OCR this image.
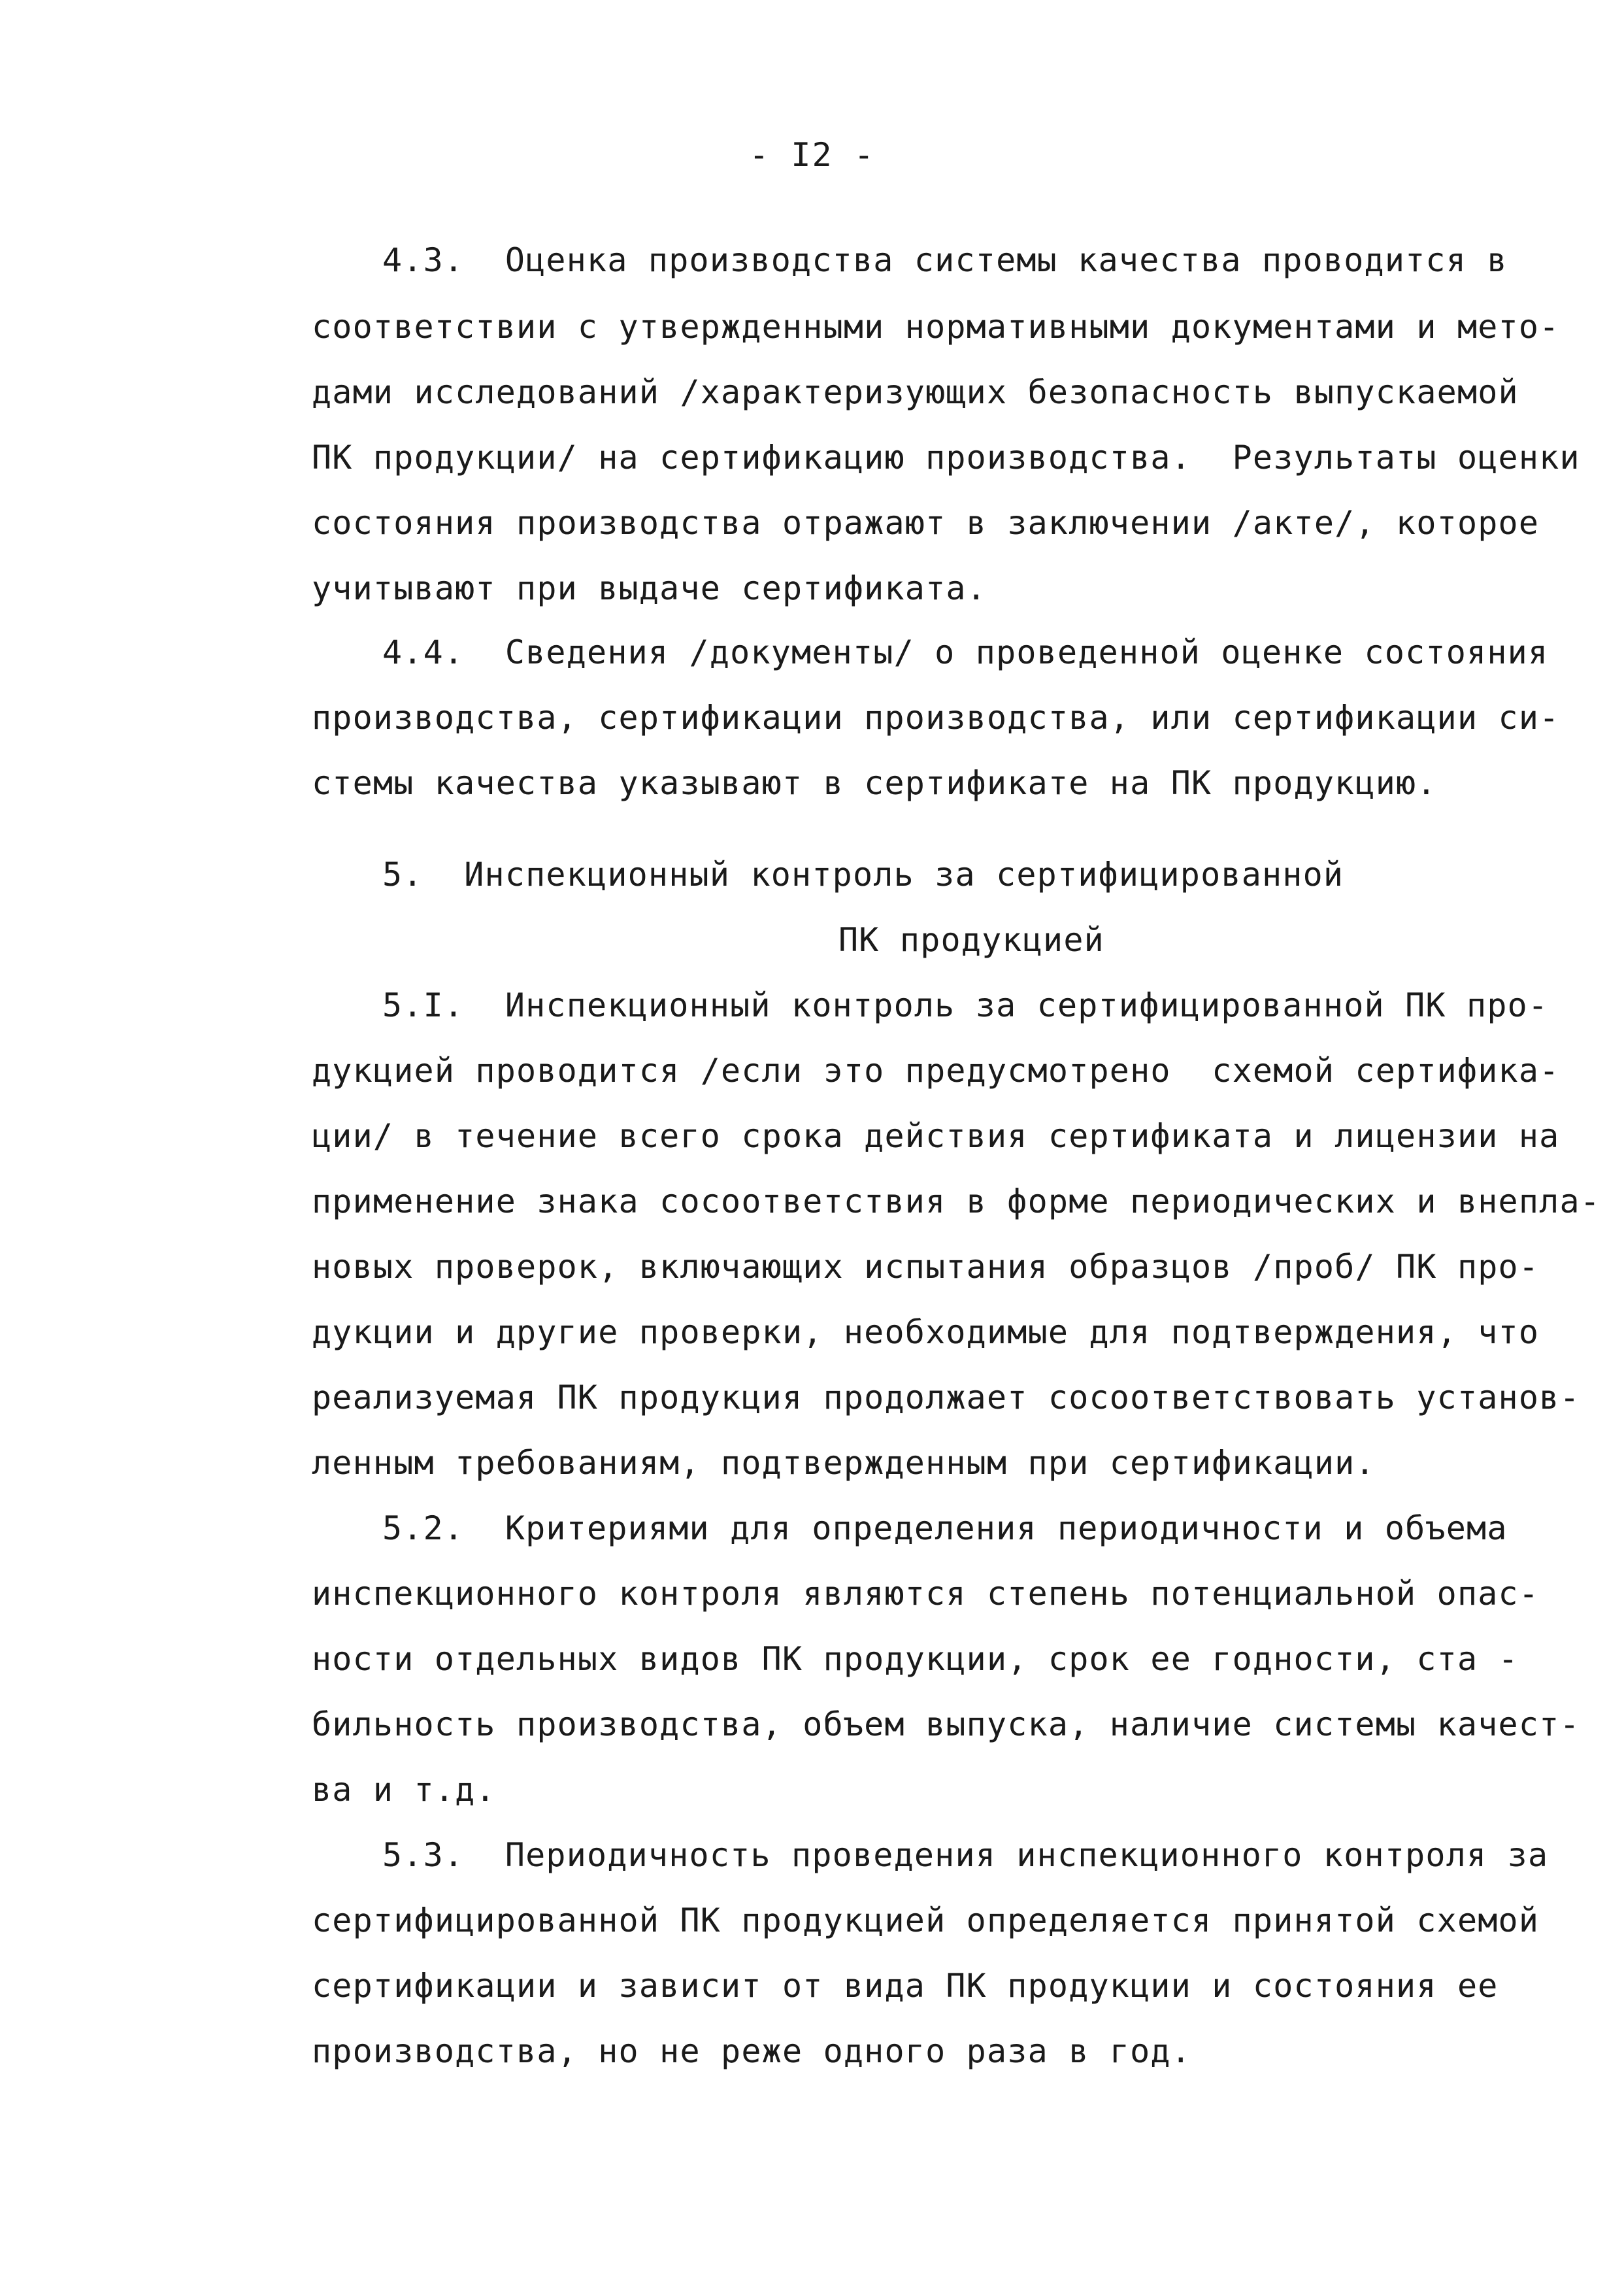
- I2 -
4.3.  Оценка производства системы качества проводится в
соответствии с утвержденными нормативными документами и мето-
дами исследований /характеризующих безопасность выпускаемой
ПК продукции/ на сертификацию производства.  Результаты оценки
состояния производства отражают в заключении /акте/, которое
учитывают при выдаче сертификата.
4.4.  Сведения /документы/ о проведенной оценке состояния
производства, сертификации производства, или сертификации си-
стемы качества указывают в сертификате на ПК продукцию.
5.  Инспекционный контроль за сертифицированной
ПК продукцией
5.I.  Инспекционный контроль за сертифицированной ПК про-
дукцией проводится /если это предусмотрено  схемой сертифика-
ции/ в течение всего срока действия сертификата и лицензии на
применение знака сосоответствия в форме периодических и внепла-
новых проверок, включающих испытания образцов /проб/ ПК про-
дукции и другие проверки, необходимые для подтверждения, что
реализуемая ПК продукция продолжает сосоответствовать установ-
ленным требованиям, подтвержденным при сертификации.
5.2.  Критериями для определения периодичности и объема
инспекционного контроля являются степень потенциальной опас-
ности отдельных видов ПК продукции, срок ее годности, ста -
бильность производства, объем выпуска, наличие системы качест-
ва и т.д.
5.3.  Периодичность проведения инспекционного контроля за
сертифицированной ПК продукцией определяется принятой схемой
сертификации и зависит от вида ПК продукции и состояния ее
производства, но не реже одного раза в год.
